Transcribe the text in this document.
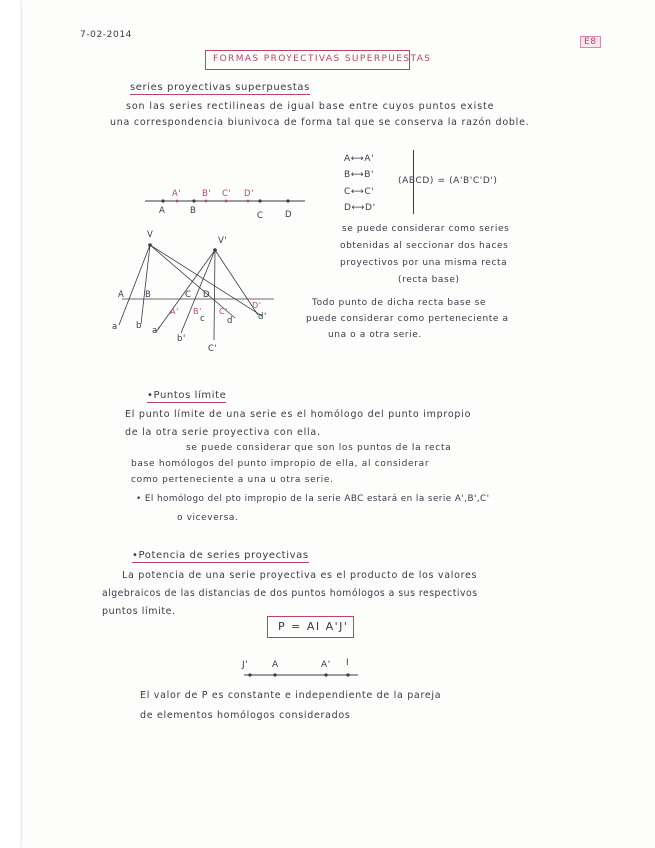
7-02-2014
E8
FORMAS PROYECTIVAS SUPERPUESTAS
series proyectivas superpuestas
son las series rectilineas de igual base entre cuyos puntos existe
una correspondencia biunivoca de forma tal que se conserva la razón doble.
A⟷A'
B⟷B'
C⟷C'
D⟷D'
(ABCD) = (A'B'C'D')
se puede considerar como series
obtenidas al seccionar dos haces
proyectivos por una misma recta
(recta base)
Todo punto de dicha recta base se
puede considerar como perteneciente a
una o a otra serie.
A' B' C' D'
A	B	C	D
V
V'
A B	C D
D'
A' B' C'
C'
a b a'
b'
c	d	d'
•Puntos límite
El punto límite de una serie es el homólogo del punto impropio
de la otra serie proyectiva con ella.
se puede considerar que son los puntos de la recta
base homólogos del punto impropio de ella, al considerar
como perteneciente a una u otra serie.
• El homólogo del pto impropio de la serie ABC estará en la serie A',B',C'
o viceversa.
•Potencia de series proyectivas
La potencia de una serie proyectiva es el producto de los valores
algebraicos de las distancias de dos puntos homólogos a sus respectivos
puntos límite.
P = AI A'J'
J'	A	A' I
El valor de P es constante e independiente de la pareja
de elementos homólogos considerados
